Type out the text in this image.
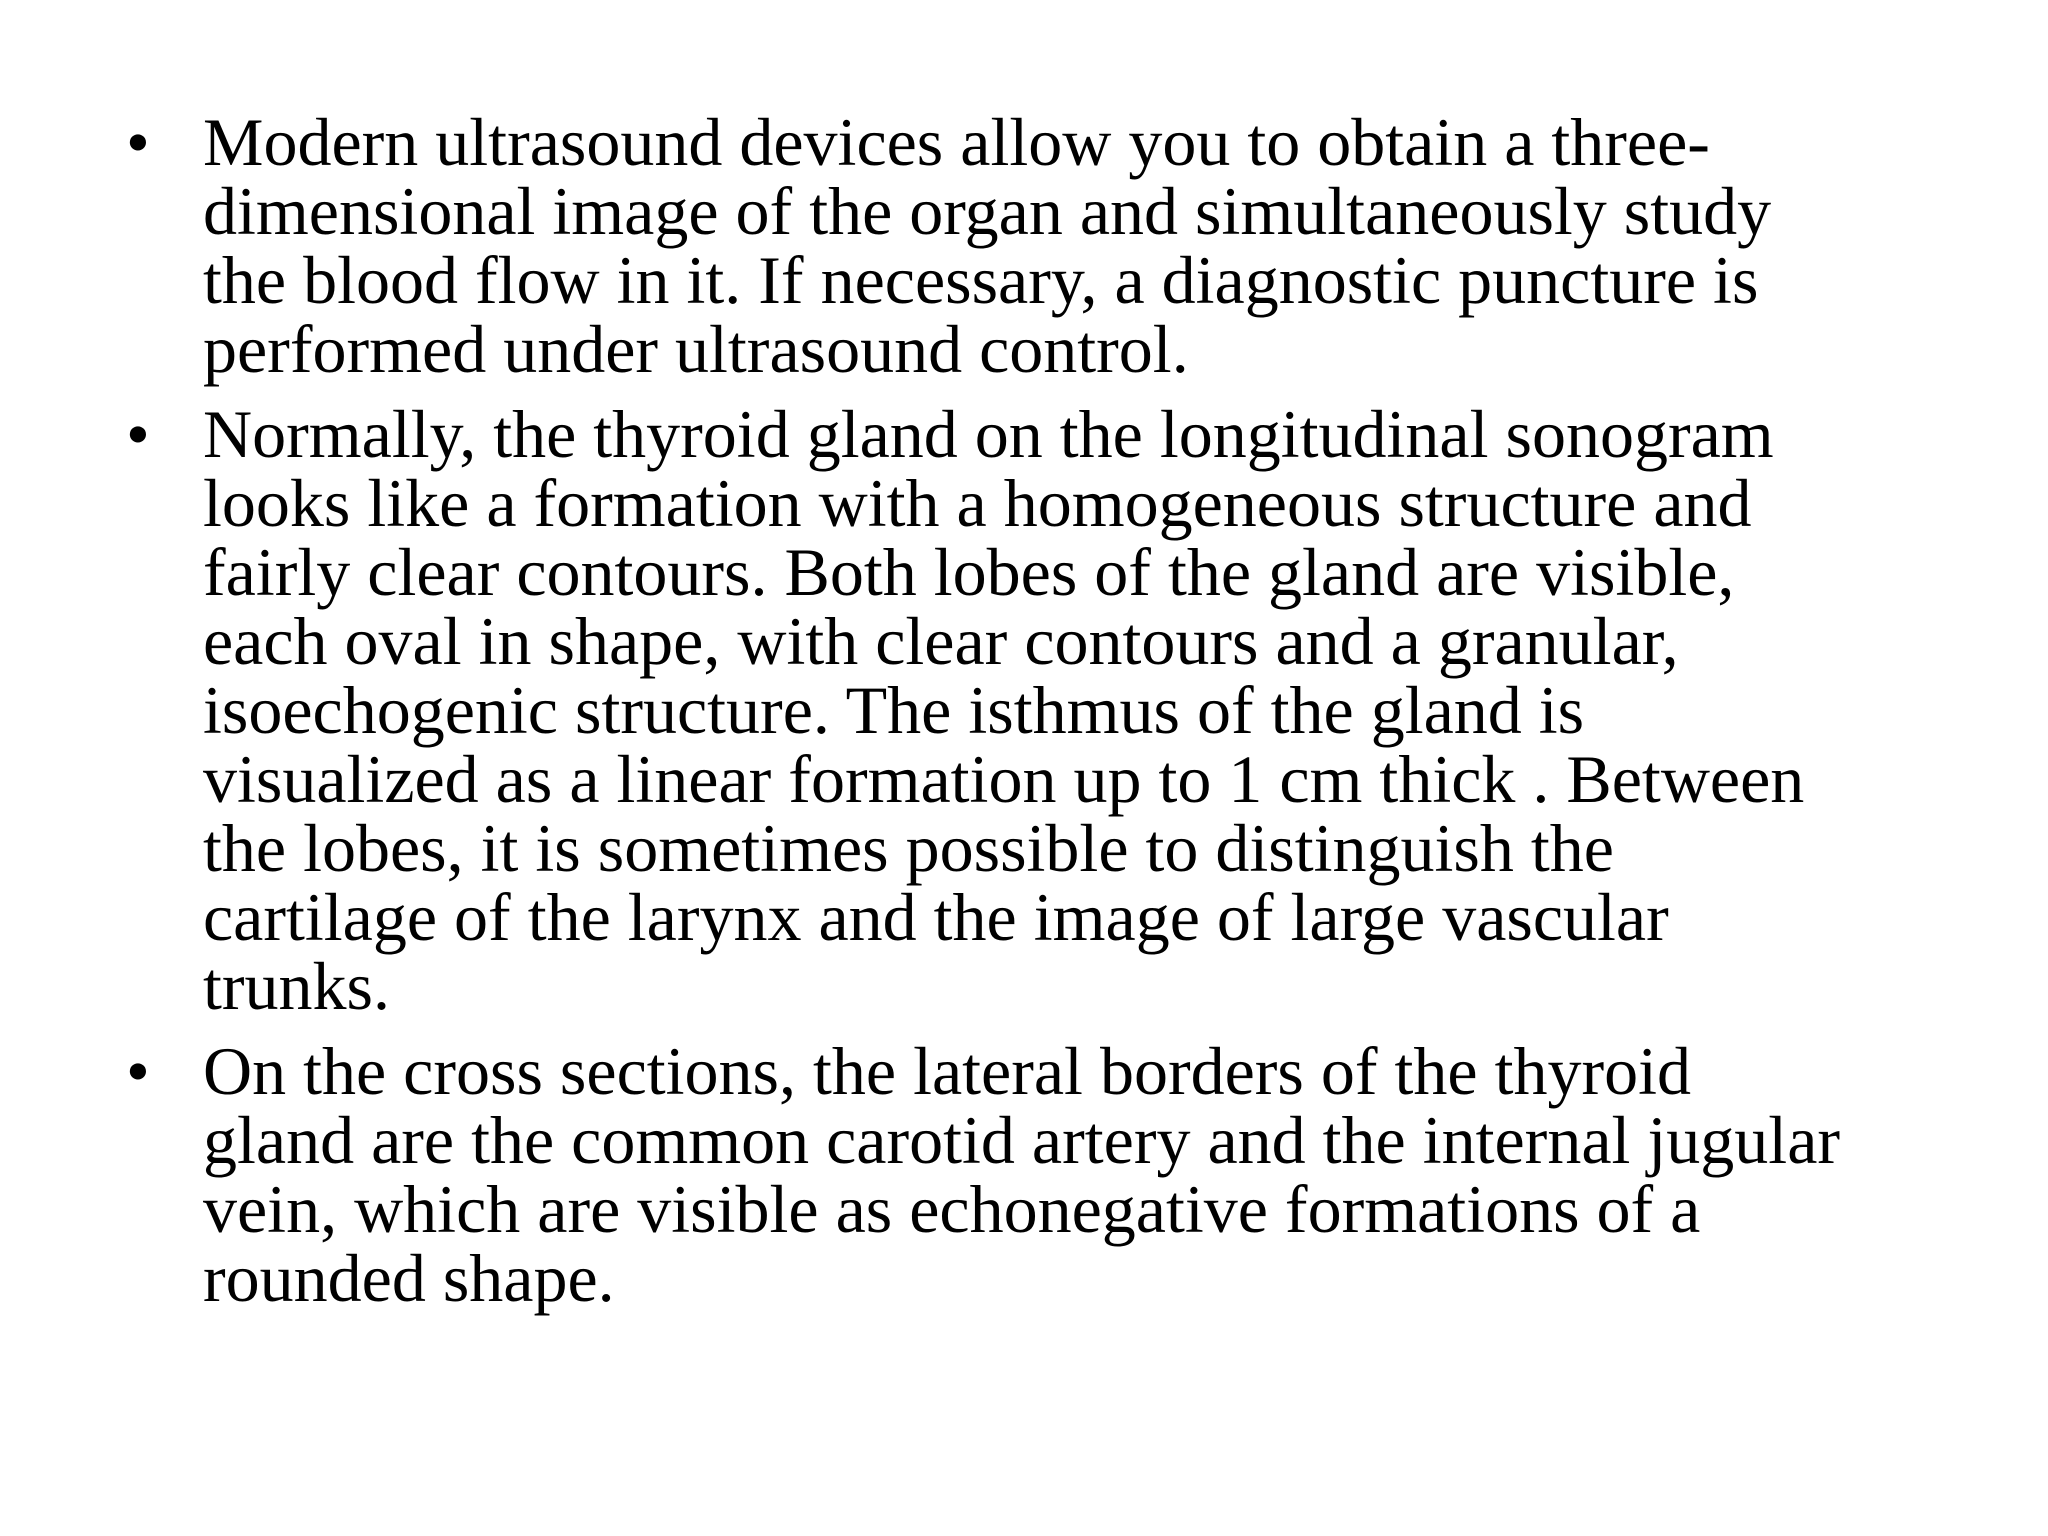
• Modern ultrasound devices allow you to obtain a three-
dimensional image of the organ and simultaneously study
the blood flow in it. If necessary, a diagnostic puncture is
performed under ultrasound control.
• Normally, the thyroid gland on the longitudinal sonogram
looks like a formation with a homogeneous structure and
fairly clear contours. Both lobes of the gland are visible,
each oval in shape, with clear contours and a granular,
isoechogenic structure. The isthmus of the gland is
visualized as a linear formation up to 1 cm thick . Between
the lobes, it is sometimes possible to distinguish the
cartilage of the larynx and the image of large vascular
trunks.
• On the cross sections, the lateral borders of the thyroid
gland are the common carotid artery and the internal jugular
vein, which are visible as echonegative formations of a
rounded shape.
